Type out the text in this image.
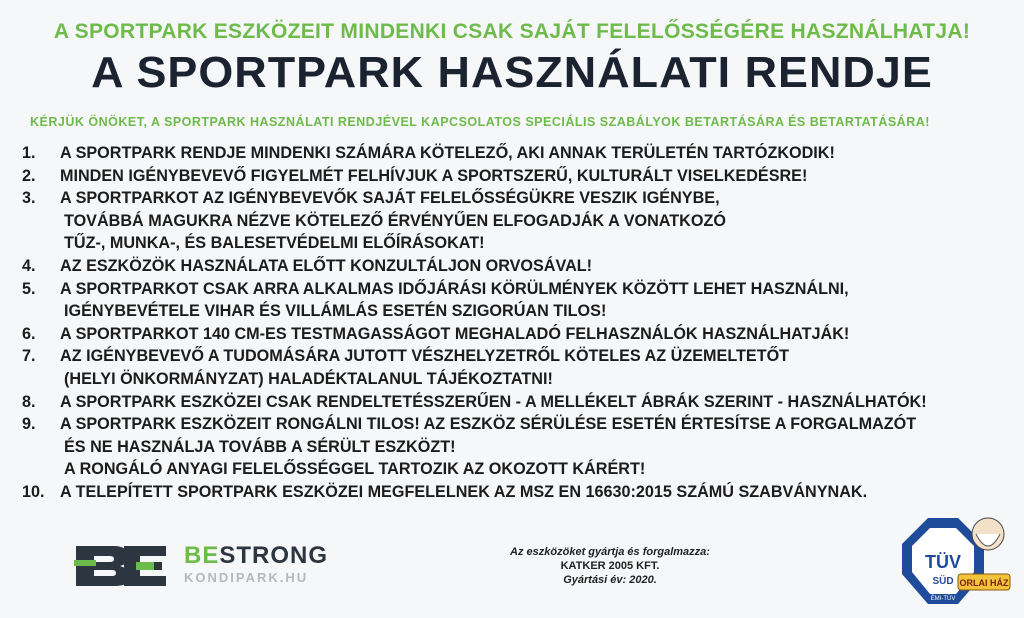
A SPORTPARK ESZKÖZEIT MINDENKI CSAK SAJÁT FELELŐSSÉGÉRE HASZNÁLHATJA!
A SPORTPARK HASZNÁLATI RENDJE
KÉRJÜK ÖNÖKET, A SPORTPARK HASZNÁLATI RENDJÉVEL KAPCSOLATOS SPECIÁLIS SZABÁLYOK BETARTÁSÁRA ÉS BETARTATÁSÁRA!
1.	A SPORTPARK RENDJE MINDENKI SZÁMÁRA KÖTELEZŐ, AKI ANNAK TERÜLETÉN TARTÓZKODIK!
2.	MINDEN IGÉNYBEVEVŐ FIGYELMÉT FELHÍVJUK A SPORTSZERŰ, KULTURÁLT VISELKEDÉSRE!
3.	A SPORTPARKOT AZ IGÉNYBEVEVŐK SAJÁT FELELŐSSÉGÜKRE VESZIK IGÉNYBE,
TOVÁBBÁ MAGUKRA NÉZVE KÖTELEZŐ ÉRVÉNYŰEN ELFOGADJÁK A VONATKOZÓ
TŰZ-, MUNKA-, ÉS BALESETVÉDELMI ELŐÍRÁSOKAT!
4.	AZ ESZKÖZÖK HASZNÁLATA ELŐTT KONZULTÁLJON ORVOSÁVAL!
5.	A SPORTPARKOT CSAK ARRA ALKALMAS IDŐJÁRÁSI KÖRÜLMÉNYEK KÖZÖTT LEHET HASZNÁLNI,
IGÉNYBEVÉTELE VIHAR ÉS VILLÁMLÁS ESETÉN SZIGORÚAN TILOS!
6.	A SPORTPARKOT 140 CM-ES TESTMAGASSÁGOT MEGHALADÓ FELHASZNÁLÓK HASZNÁLHATJÁK!
7.	AZ IGÉNYBEVEVŐ A TUDOMÁSÁRA JUTOTT VÉSZHELYZETRŐL KÖTELES AZ ÜZEMELTETŐT
(HELYI ÖNKORMÁNYZAT) HALADÉKTALANUL TÁJÉKOZTATNI!
8.	A SPORTPARK ESZKÖZEI CSAK RENDELTETÉSSZERŰEN - A MELLÉKELT ÁBRÁK SZERINT - HASZNÁLHATÓK!
9.	A SPORTPARK ESZKÖZEIT RONGÁLNI TILOS! AZ ESZKÖZ SÉRÜLÉSE ESETÉN ÉRTESÍTSE A FORGALMAZÓT
ÉS NE HASZNÁLJA TOVÁBB A SÉRÜLT ESZKÖZT!
A RONGÁLÓ ANYAGI FELELŐSSÉGGEL TARTOZIK AZ OKOZOTT KÁRÉRT!
10. A TELEPÍTETT SPORTPARK ESZKÖZEI MEGFELELNEK AZ MSZ EN 16630:2015 SZÁMÚ SZABVÁNYNAK.
BESTRONG
KONDIPARK.HU
Az eszközöket gyártja és forgalmazza:
KATKER 2005 KFT.
Gyártási év: 2020.
TÜV
SÜD
ÉMI-TÜV
ORLAI HÁZ
